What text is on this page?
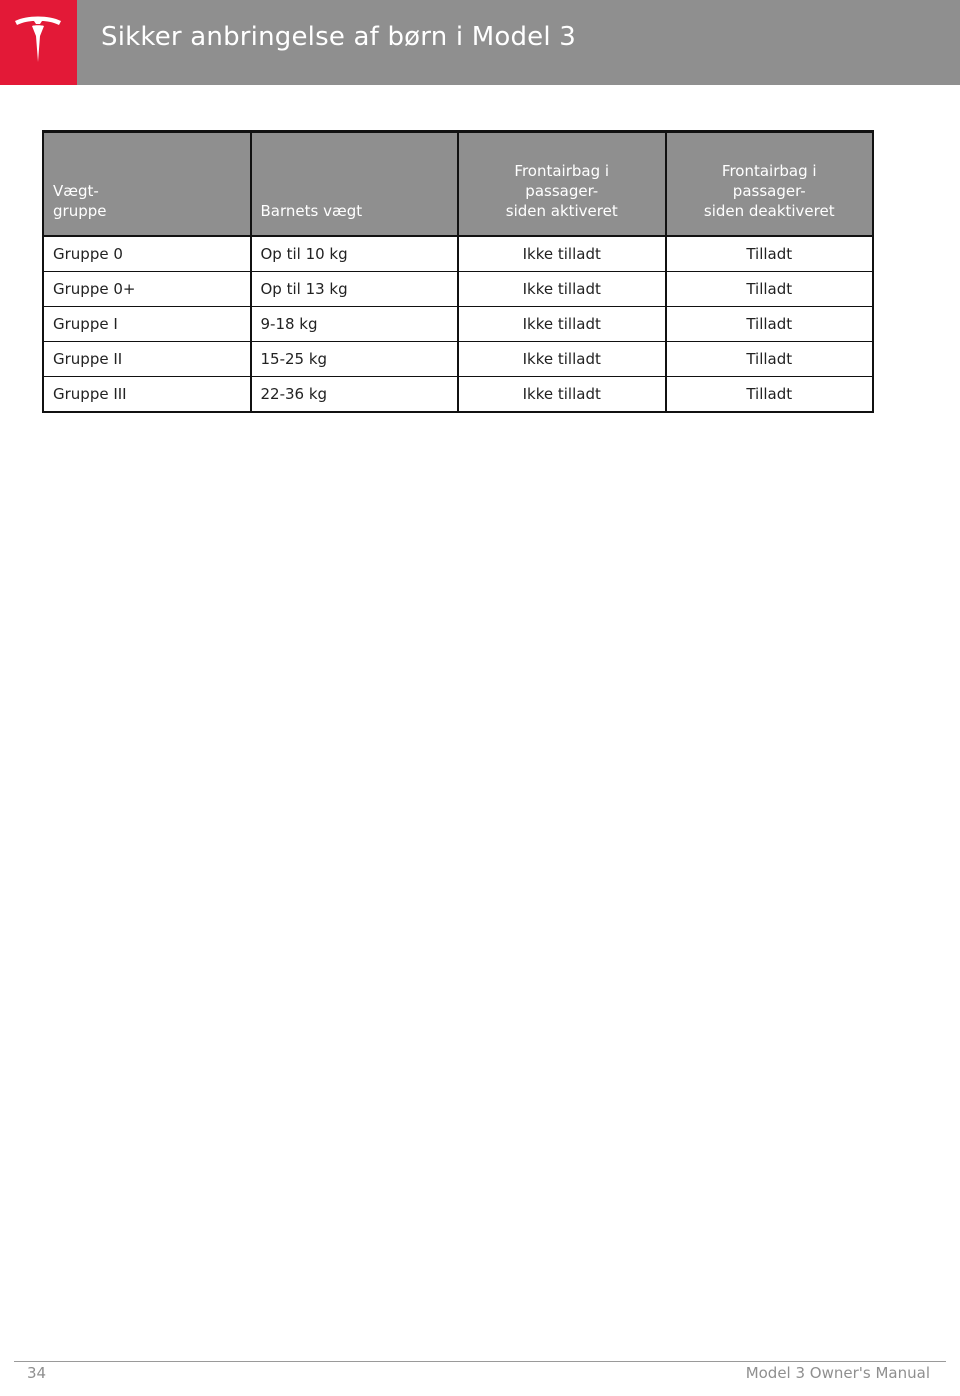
Sikker anbringelse af børn i Model 3
Vægt-
gruppe	Barnets vægt	Frontairbag i
passager-
siden aktiveret	Frontairbag i
passager-
siden deaktiveret
Gruppe 0	Op til 10 kg	Ikke tilladt	Tilladt
Gruppe 0+	Op til 13 kg	Ikke tilladt	Tilladt
Gruppe I	9-18 kg	Ikke tilladt	Tilladt
Gruppe II	15-25 kg	Ikke tilladt	Tilladt
Gruppe III	22-36 kg	Ikke tilladt	Tilladt
34	Model 3 Owner's Manual
